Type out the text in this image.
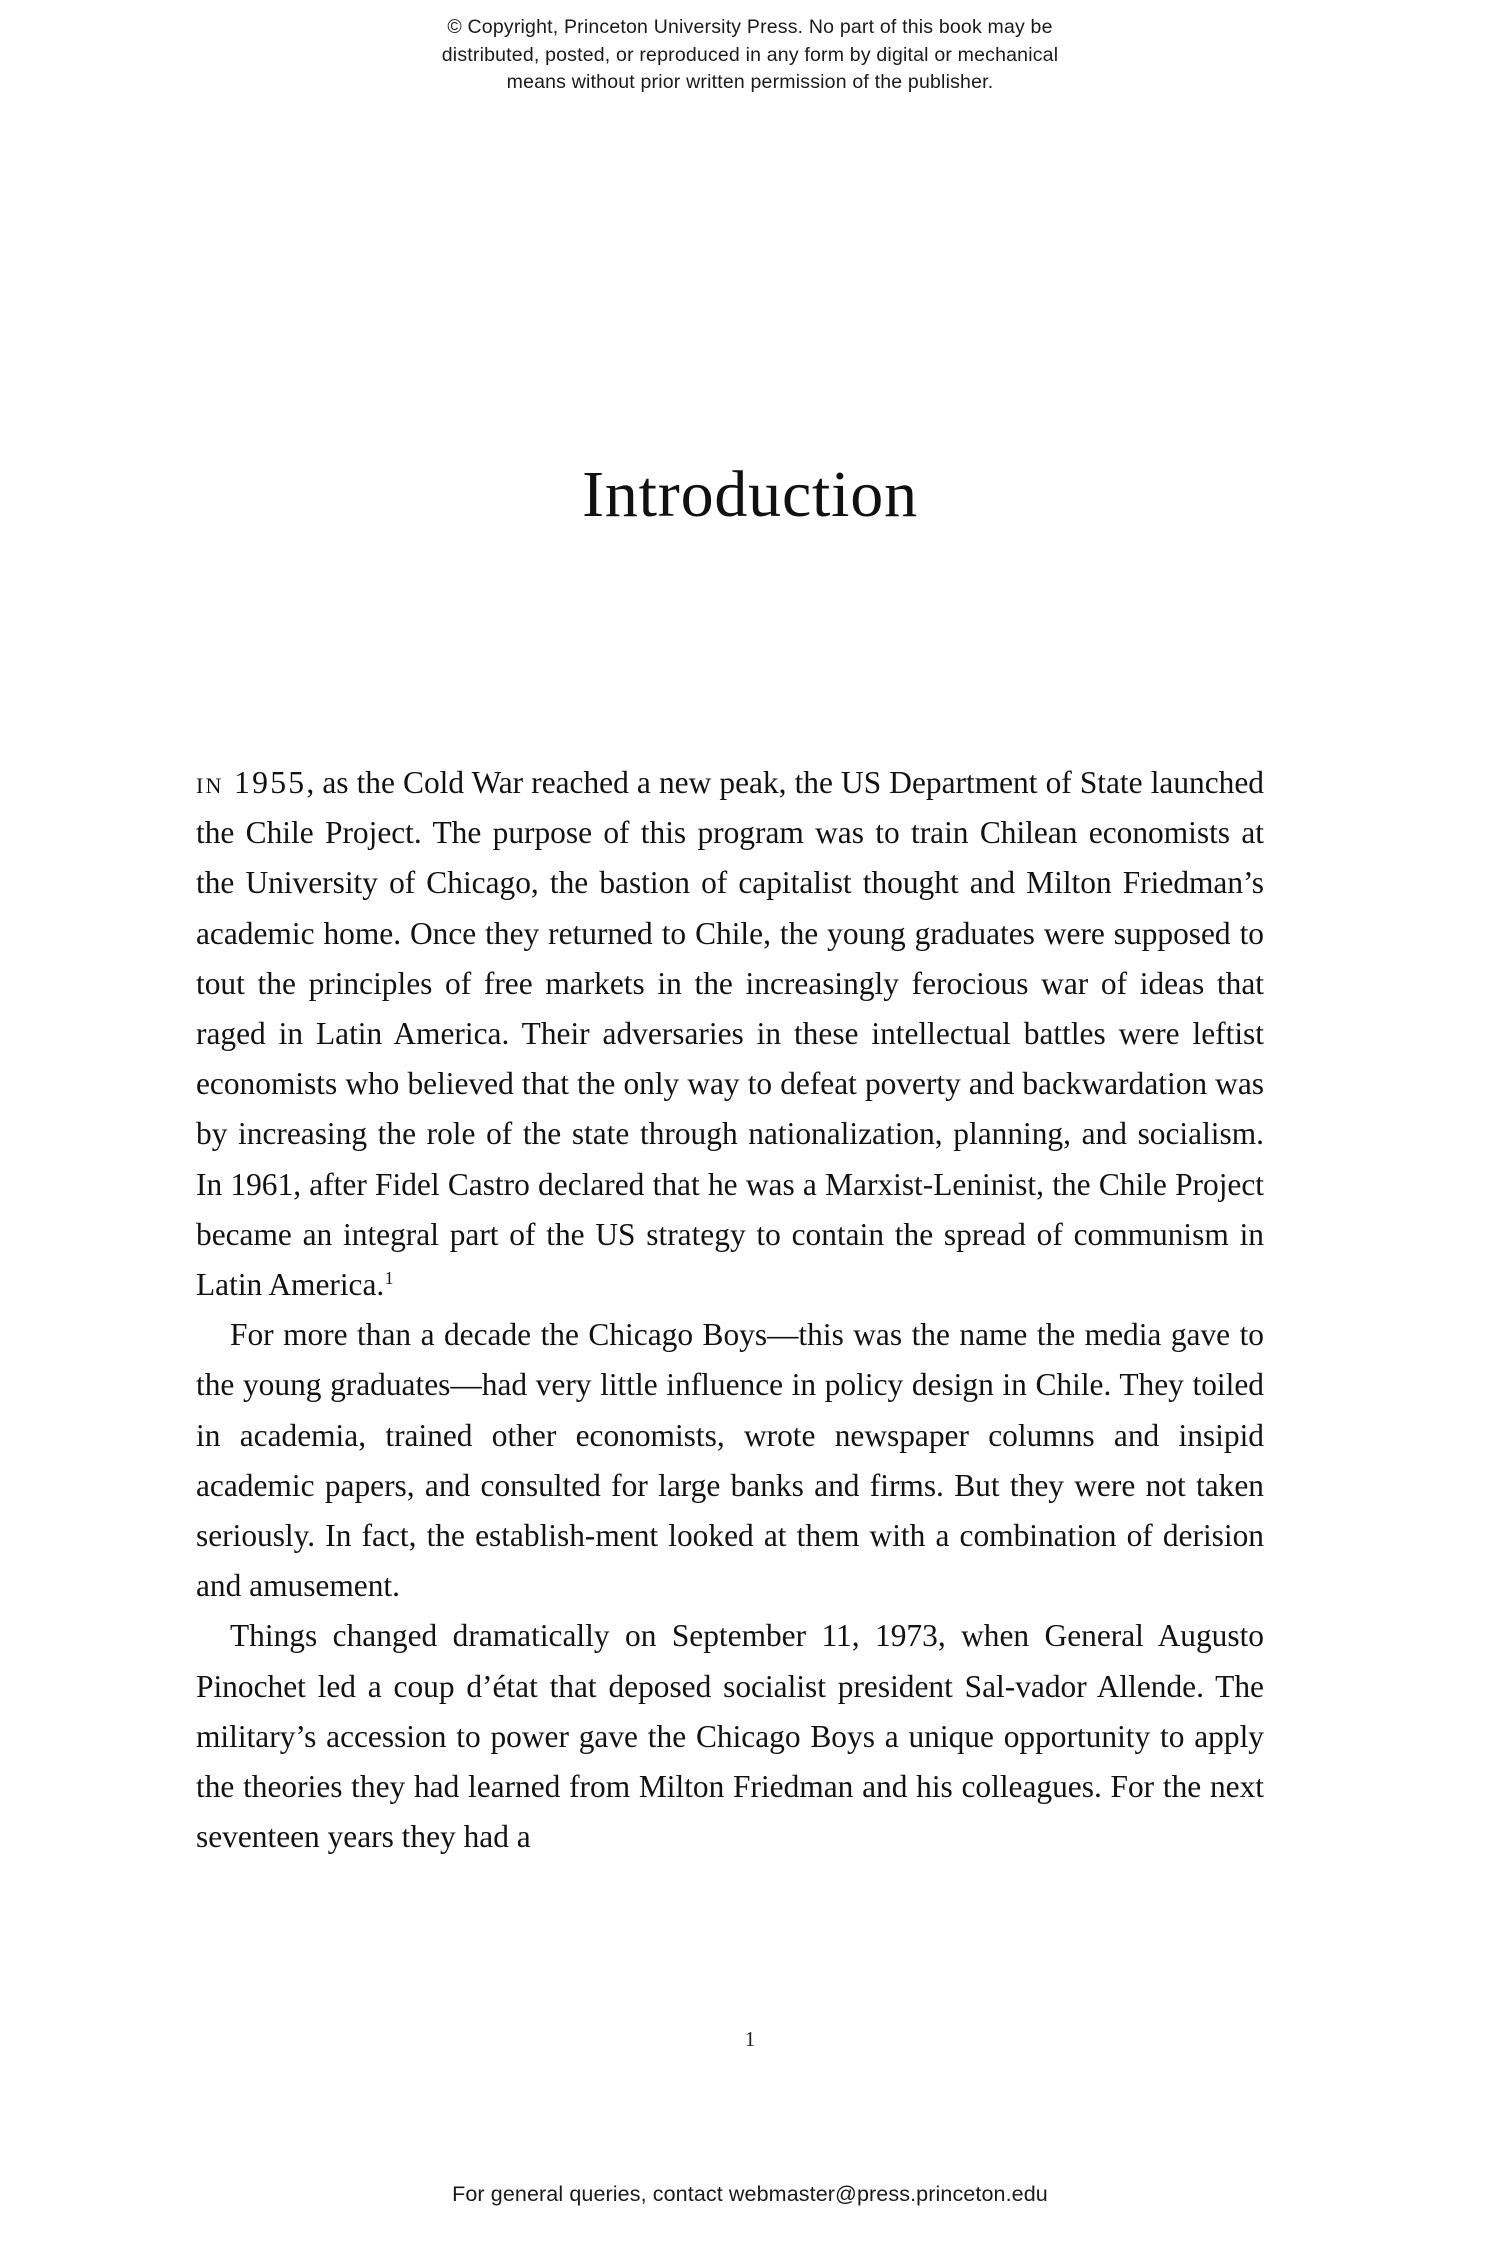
© Copyright, Princeton University Press. No part of this book may be
distributed, posted, or reproduced in any form by digital or mechanical
means without prior written permission of the publisher.
Introduction

in 1955, as the Cold War reached a new peak, the US Department of State launched the Chile Project. The purpose of this program was to train Chilean economists at the University of Chicago, the bastion of capitalist thought and Milton Friedman’s academic home. Once they returned to Chile, the young graduates were supposed to tout the principles of free markets in the increasingly ferocious war of ideas that raged in Latin America. Their adversaries in these intellectual battles were leftist economists who believed that the only way to defeat poverty and backwardation was by increasing the role of the state through nationalization, planning, and socialism. In 1961, after Fidel Castro declared that he was a Marxist-Leninist, the Chile Project became an integral part of the US strategy to contain the spread of communism in Latin America.$^1$

For more than a decade the Chicago Boys—this was the name the media gave to the young graduates—had very little influence in policy design in Chile. They toiled in academia, trained other economists, wrote newspaper columns and insipid academic papers, and consulted for large banks and firms. But they were not taken seriously. In fact, the establish-ment looked at them with a combination of derision and amusement.

Things changed dramatically on September 11, 1973, when General Augusto Pinochet led a coup d’état that deposed socialist president Sal-vador Allende. The military’s accession to power gave the Chicago Boys a unique opportunity to apply the theories they had learned from Milton Friedman and his colleagues. For the next seventeen years they had a

1
For general queries, contact webmaster@press.princeton.edu
